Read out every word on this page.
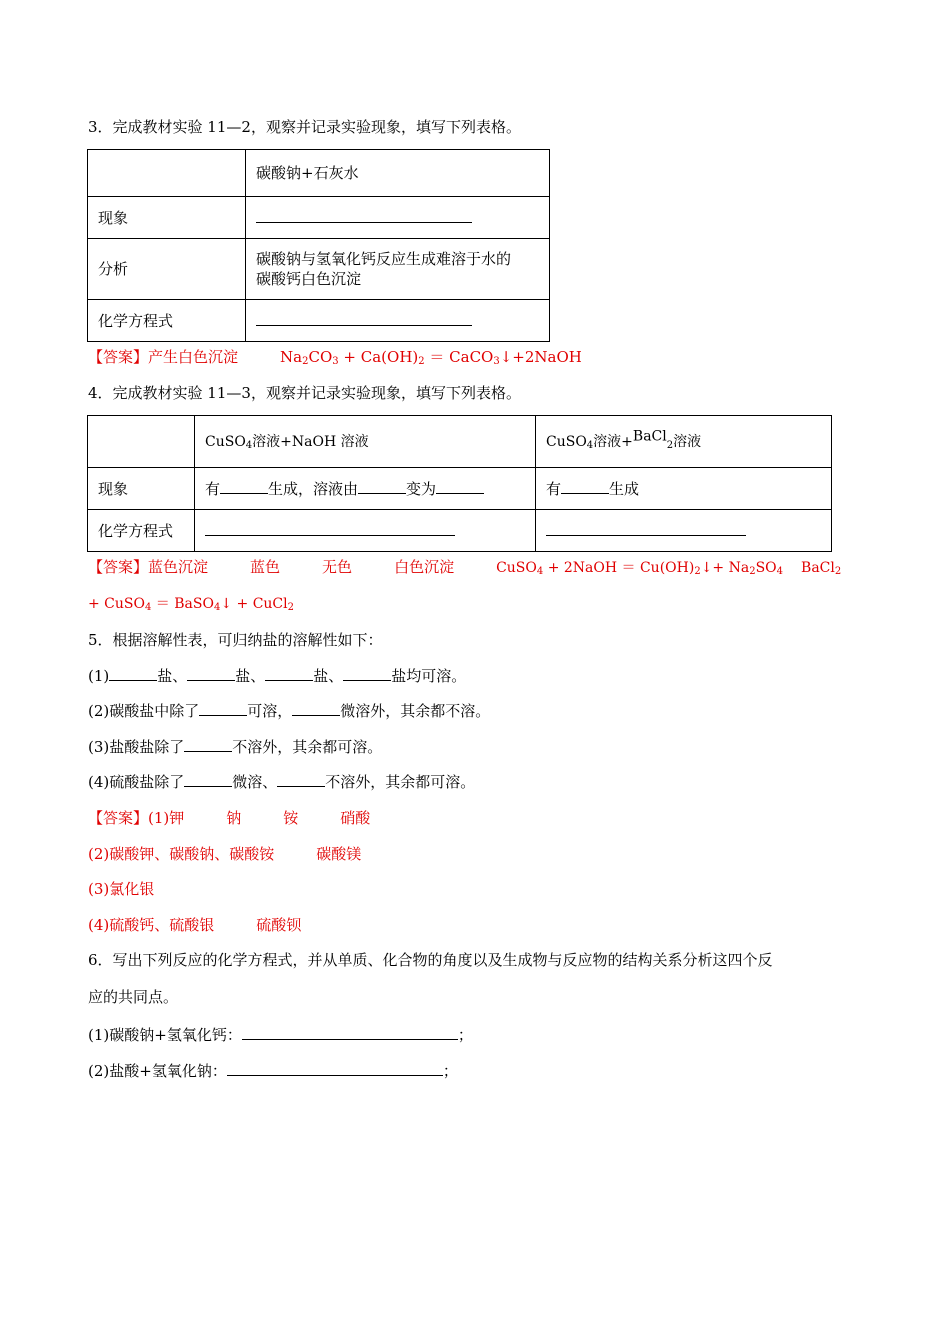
3．完成教材实验 11—2，观察并记录实验现象，填写下列表格。
	碳酸钠+石灰水
现象	
分析	碳酸钠与氢氧化钙反应生成难溶于水的
碳酸钙白色沉淀

化学方程式	
【答案】产生白色沉淀	$Na_2CO_3 + Ca(OH)_2$ ＝ CaCO$_3$↓+2NaOH
4．完成教材实验 11—3，观察并记录实验现象，填写下列表格。
	CuSO$_4$溶液+NaOH 溶液	CuSO$_4$溶液+$^{BaCl}_2$溶液
现象	有 生成，溶液由 变为	有 生成
化学方程式		
【答案】蓝色沉淀	蓝色	无色	白色沉淀	CuSO$_4$ + 2NaOH ＝ $Cu(OH)_2↓+ Na_2SO_4$ BaCl$_2$
+ CuSO$_4$ ＝ BaSO$_4$↓ + CuCl$_2$
5．根据溶解性表，可归纳盐的溶解性如下：
(1)	盐、	盐、	盐、	盐均可溶。
(2)碳酸盐中除了	可溶，	微溶外，其余都不溶。
(3)盐酸盐除了	不溶外，其余都可溶。
(4)硫酸盐除了	微溶、	不溶外，其余都可溶。
【答案】(1)钾	钠	铵	硝酸
(2)碳酸钾、碳酸钠、碳酸铵	碳酸镁
(3)氯化银
(4)硫酸钙、硫酸银	硫酸钡
6．写出下列反应的化学方程式，并从单质、化合物的角度以及生成物与反应物的结构关系分析这四个反
应的共同点。
(1)碳酸钠+氢氧化钙：	；
(2)盐酸+氢氧化钠：	；
